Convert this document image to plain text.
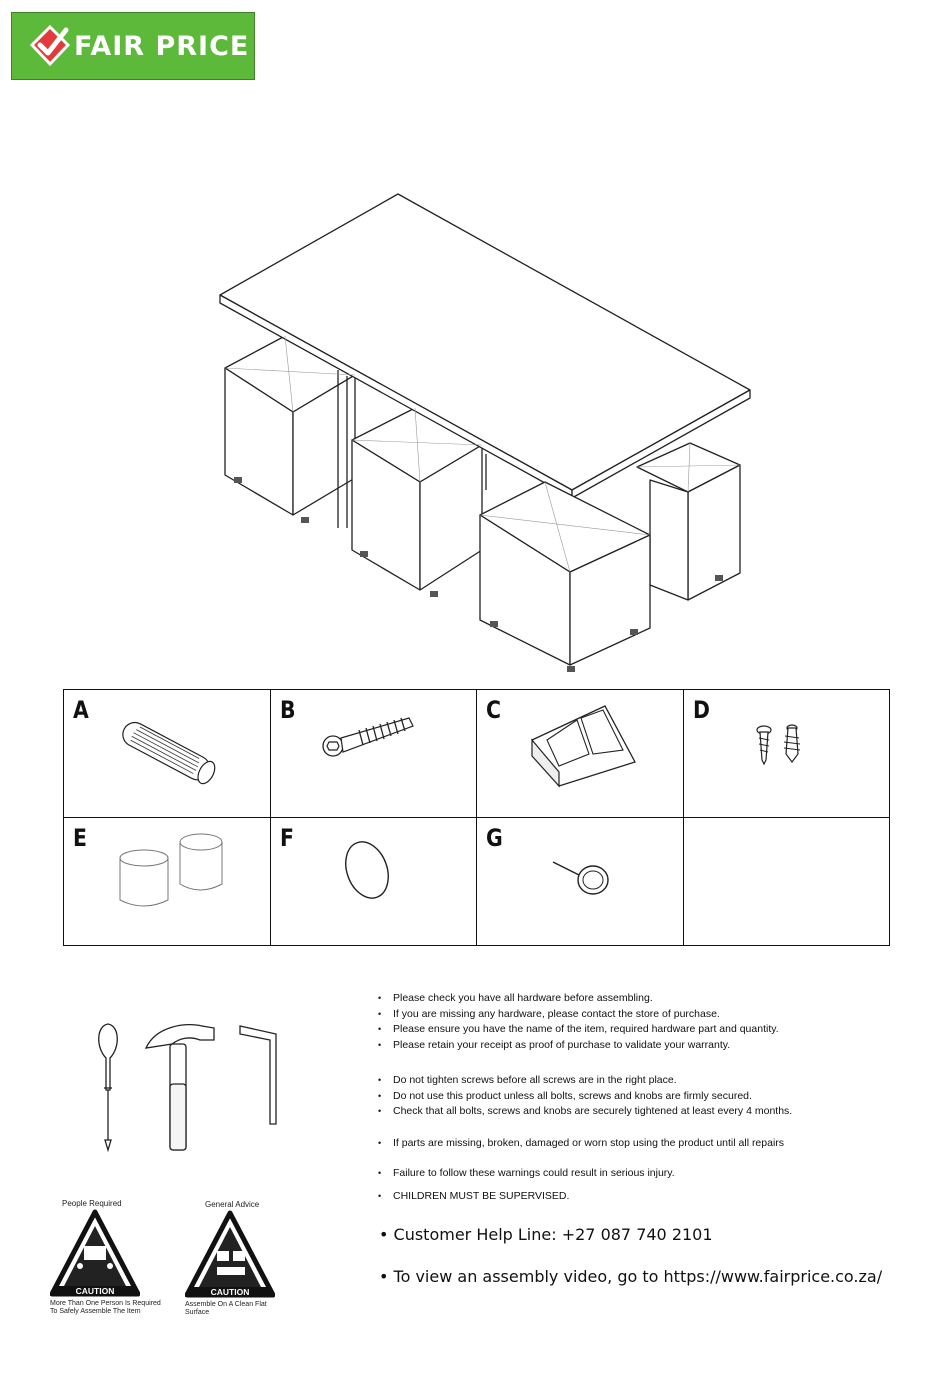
FAIR PRICE
A	B	C	D

E	F	G	

People Required
CAUTION
More Than One Person Is Required To Safely Assemble The Item
General Advice
CAUTION
Assemble On A Clean Flat Surface
• Please check you have all hardware before assembling.
• If you are missing any hardware, please contact the store of purchase.
• Please ensure you have the name of the item, required hardware part and quantity.
• Please retain your receipt as proof of purchase to validate your warranty.
• Do not tighten screws before all screws are in the right place.
• Do not use this product unless all bolts, screws and knobs are firmly secured.
• Check that all bolts, screws and knobs are securely tightened at least every 4 months.
• If parts are missing, broken, damaged or worn stop using the product until all repairs
• Failure to follow these warnings could result in serious injury.
• CHILDREN MUST BE SUPERVISED.
• Customer Help Line: +27 087 740 2101
• To view an assembly video, go to https://www.fairprice.co.za/
